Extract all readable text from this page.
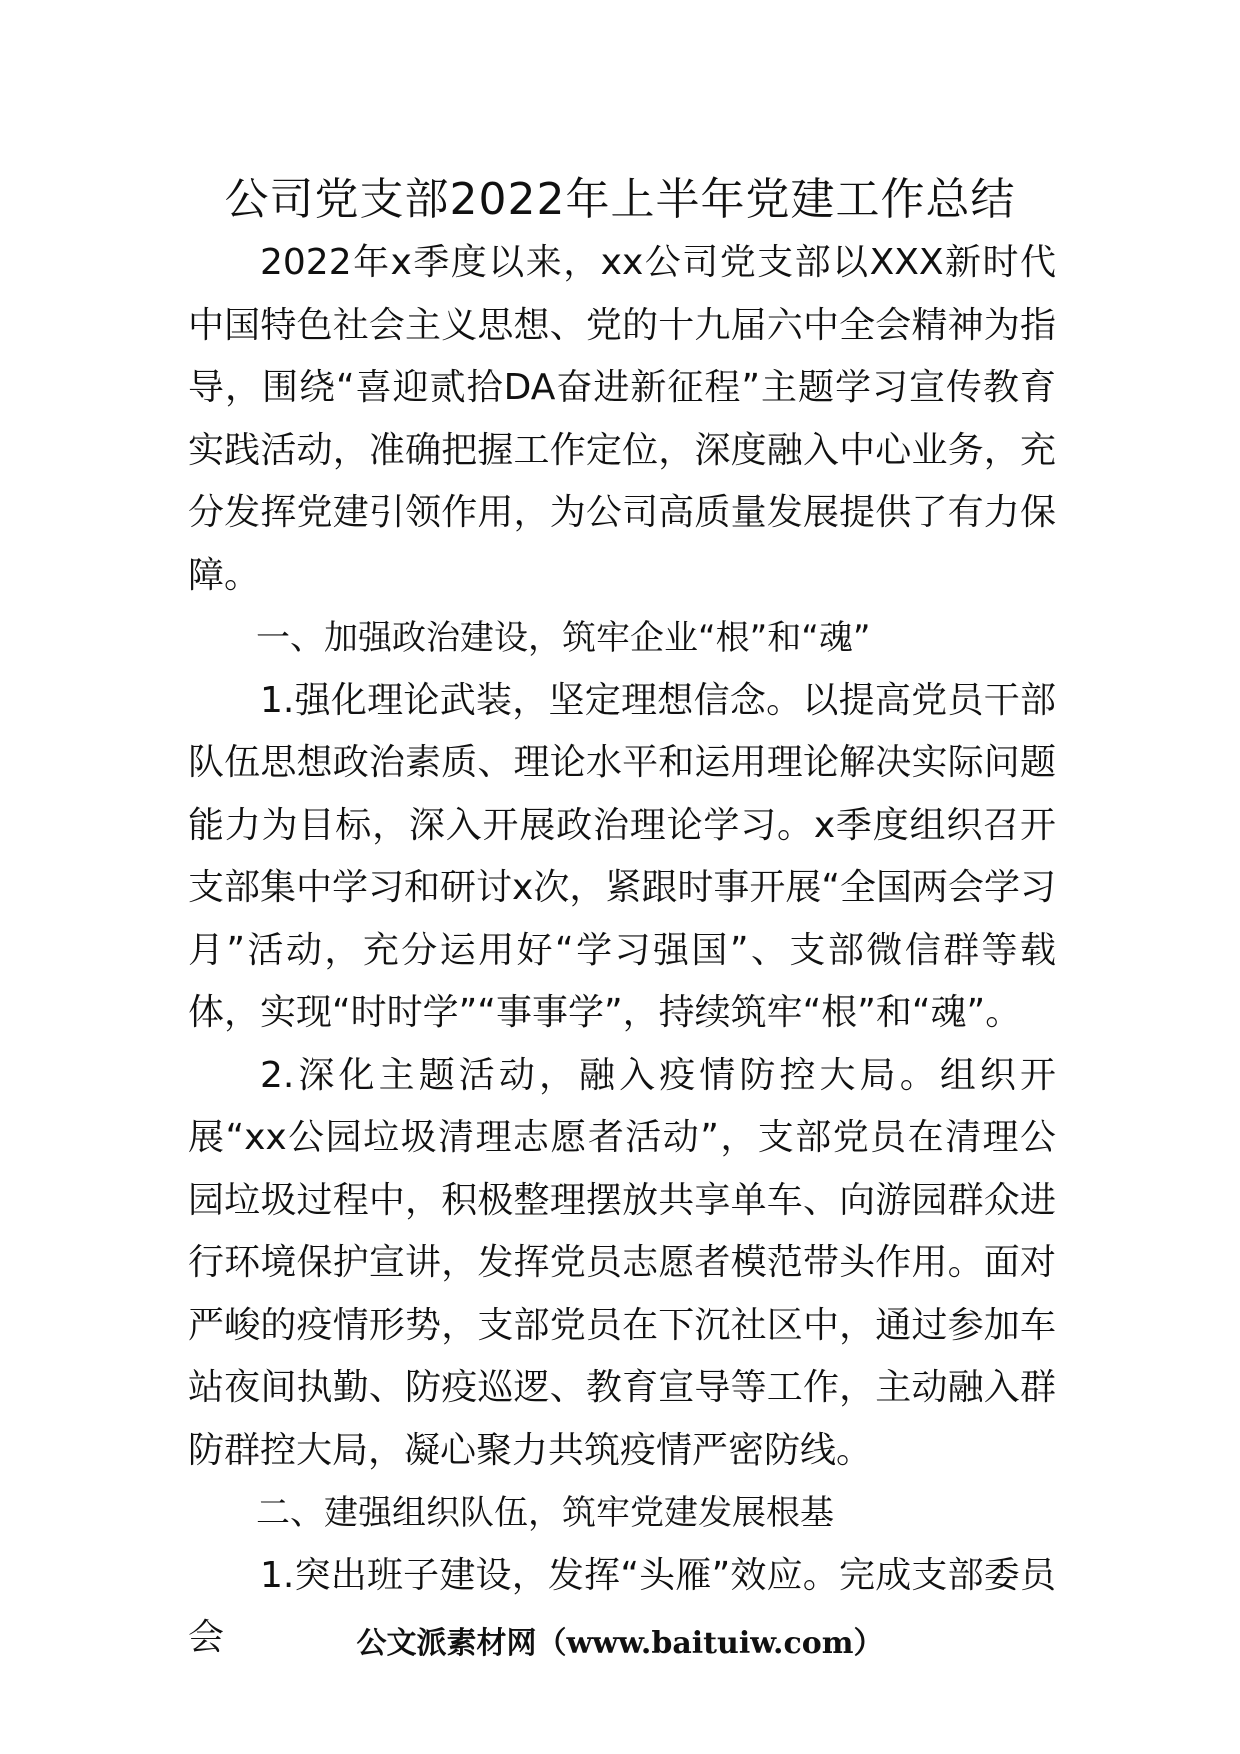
公司党支部2022年上半年党建工作总结

2022年x季度以来，xx公司党支部以XXX新时代中国特色社会主义思想、党的十九届六中全会精神为指导，围绕“喜迎贰拾DA奋进新征程”主题学习宣传教育实践活动，准确把握工作定位，深度融入中心业务，充分发挥党建引领作用，为公司高质量发展提供了有力保障。

一、加强政治建设，筑牢企业“根”和“魂”

1.强化理论武装，坚定理想信念。以提高党员干部队伍思想政治素质、理论水平和运用理论解决实际问题能力为目标，深入开展政治理论学习。x季度组织召开支部集中学习和研讨x次，紧跟时事开展“全国两会学习月”活动，充分运用好“学习强国”、支部微信群等载体，实现“时时学”“事事学”，持续筑牢“根”和“魂”。

2.深化主题活动，融入疫情防控大局。组织开展“xx公园垃圾清理志愿者活动”，支部党员在清理公园垃圾过程中，积极整理摆放共享单车、向游园群众进行环境保护宣讲，发挥党员志愿者模范带头作用。面对严峻的疫情形势，支部党员在下沉社区中，通过参加车站夜间执勤、防疫巡逻、教育宣导等工作，主动融入群防群控大局，凝心聚力共筑疫情严密防线。

二、建强组织队伍，筑牢党建发展根基

1.突出班子建设，发挥“头雁”效应。完成支部委员会	公文派素材网（www.baituiw.com）
